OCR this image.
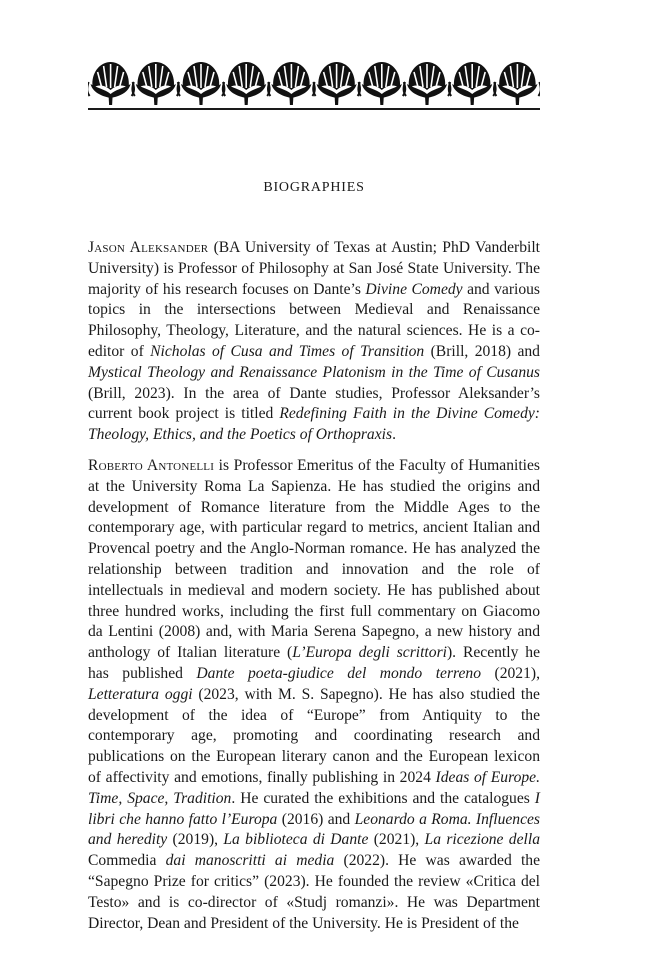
BIOGRAPHIES
Jason Aleksander (BA University of Texas at Austin; PhD Vanderbilt University) is Professor of Philosophy at San José State University. The majority of his research focuses on Dante’s Divine Comedy and various topics in the intersections between Medieval and Renaissance Philosophy, Theology, Literature, and the natural sciences. He is a co-editor of Nicholas of Cusa and Times of Transition (Brill, 2018) and Mystical Theology and Renaissance Platonism in the Time of Cusanus (Brill, 2023). In the area of Dante studies, Professor Aleksander’s current book project is titled Redefining Faith in the Divine Comedy: Theology, Ethics, and the Poetics of Orthopraxis.
Roberto Antonelli is Professor Emeritus of the Faculty of Humanities at the University Roma La Sapienza. He has studied the origins and development of Romance literature from the Middle Ages to the contemporary age, with particular regard to metrics, ancient Italian and Provencal poetry and the Anglo-Norman romance. He has analyzed the relationship between tradition and innovation and the role of intellectuals in medieval and modern society. He has published about three hundred works, including the first full commentary on Giacomo da Lentini (2008) and, with Maria Serena Sapegno, a new history and anthology of Italian literature (L’Europa degli scrittori). Recently he has published Dante poeta-giudice del mondo terreno (2021), Letteratura oggi (2023, with M. S. Sapegno). He has also studied the development of the idea of “Europe” from Antiquity to the contemporary age, promoting and coordinating research and publications on the European literary canon and the European lexicon of affectivity and emotions, finally publishing in 2024 Ideas of Europe. Time, Space, Tradition. He curated the exhibitions and the catalogues I libri che hanno fatto l’Europa (2016) and Leonardo a Roma. Influences and heredity (2019), La biblioteca di Dante (2021), La ricezione della Commedia dai manoscritti ai media (2022). He was awarded the “Sapegno Prize for critics” (2023). He founded the review «Critica del Testo» and is co-director of «Studj romanzi». He was Department Director, Dean and President of the University. He is President of the
